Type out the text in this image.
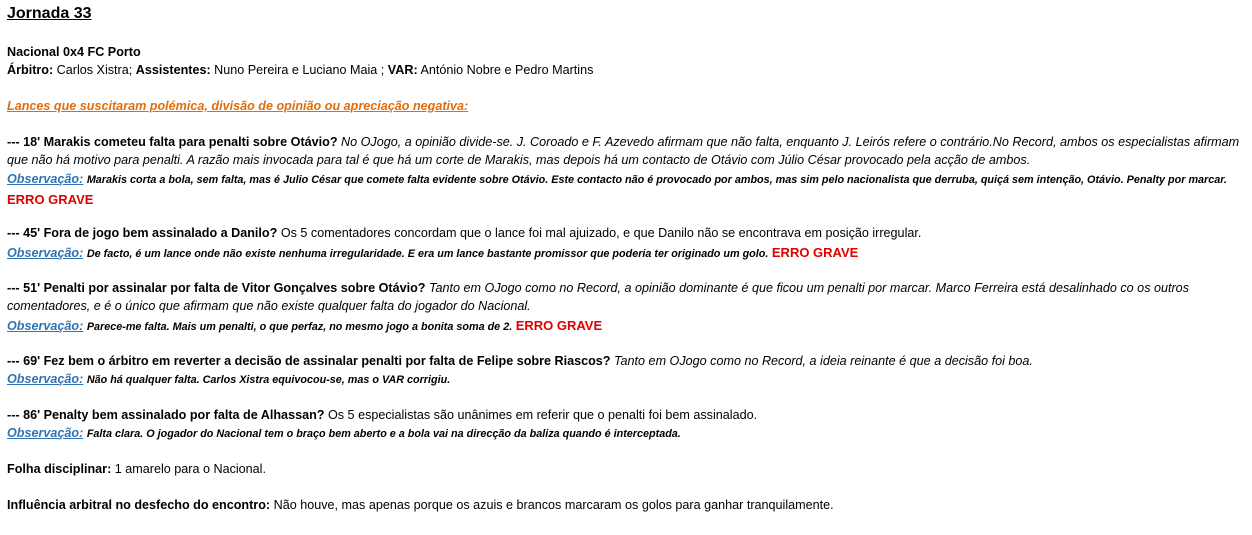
Jornada 33
Nacional 0x4 FC Porto
Árbitro: Carlos Xistra; Assistentes: Nuno Pereira e Luciano Maia ; VAR: António Nobre e Pedro Martins
Lances que suscitaram polémica, divisão de opinião ou apreciação negativa:
--- 18' Marakis cometeu falta para penalti sobre Otávio? No OJogo, a opinião divide-se. J. Coroado e F. Azevedo afirmam que não falta, enquanto J. Leirós refere o contrário.No Record, ambos os especialistas afirmam que não há motivo para penalti. A razão mais invocada para tal é que há um corte de Marakis, mas depois há um contacto de Otávio com Júlio César provocado pela acção de ambos.
Observação: Marakis corta a bola, sem falta, mas é Julio César que comete falta evidente sobre Otávio. Este contacto não é provocado por ambos, mas sim pelo nacionalista que derruba, quiçá sem intenção, Otávio. Penalty por marcar. ERRO GRAVE
--- 45' Fora de jogo bem assinalado a Danilo? Os 5 comentadores concordam que o lance foi mal ajuizado, e que Danilo não se encontrava em posição irregular.
Observação: De facto, é um lance onde não existe nenhuma irregularidade. E era um lance bastante promissor que poderia ter originado um golo. ERRO GRAVE
--- 51' Penalti por assinalar por falta de Vitor Gonçalves sobre Otávio? Tanto em OJogo como no Record, a opinião dominante é que ficou um penalti por marcar. Marco Ferreira está desalinhado co os outros comentadores, e é o único que afirmam que não existe qualquer falta do jogador do Nacional.
Observação: Parece-me falta. Mais um penalti, o que perfaz, no mesmo jogo a bonita soma de 2. ERRO GRAVE
--- 69' Fez bem o árbitro em reverter a decisão de assinalar penalti por falta de Felipe sobre Riascos? Tanto em OJogo como no Record, a ideia reinante é que a decisão foi boa.
Observação: Não há qualquer falta. Carlos Xistra equivocou-se, mas o VAR corrigiu.
--- 86' Penalty bem assinalado por falta de Alhassan? Os 5 especialistas são unânimes em referir que o penalti foi bem assinalado.
Observação: Falta clara. O jogador do Nacional tem o braço bem aberto e a bola vai na direcção da baliza quando é interceptada.
Folha disciplinar: 1 amarelo para o Nacional.
Influência arbitral no desfecho do encontro: Não houve, mas apenas porque os azuis e brancos marcaram os golos para ganhar tranquilamente.
